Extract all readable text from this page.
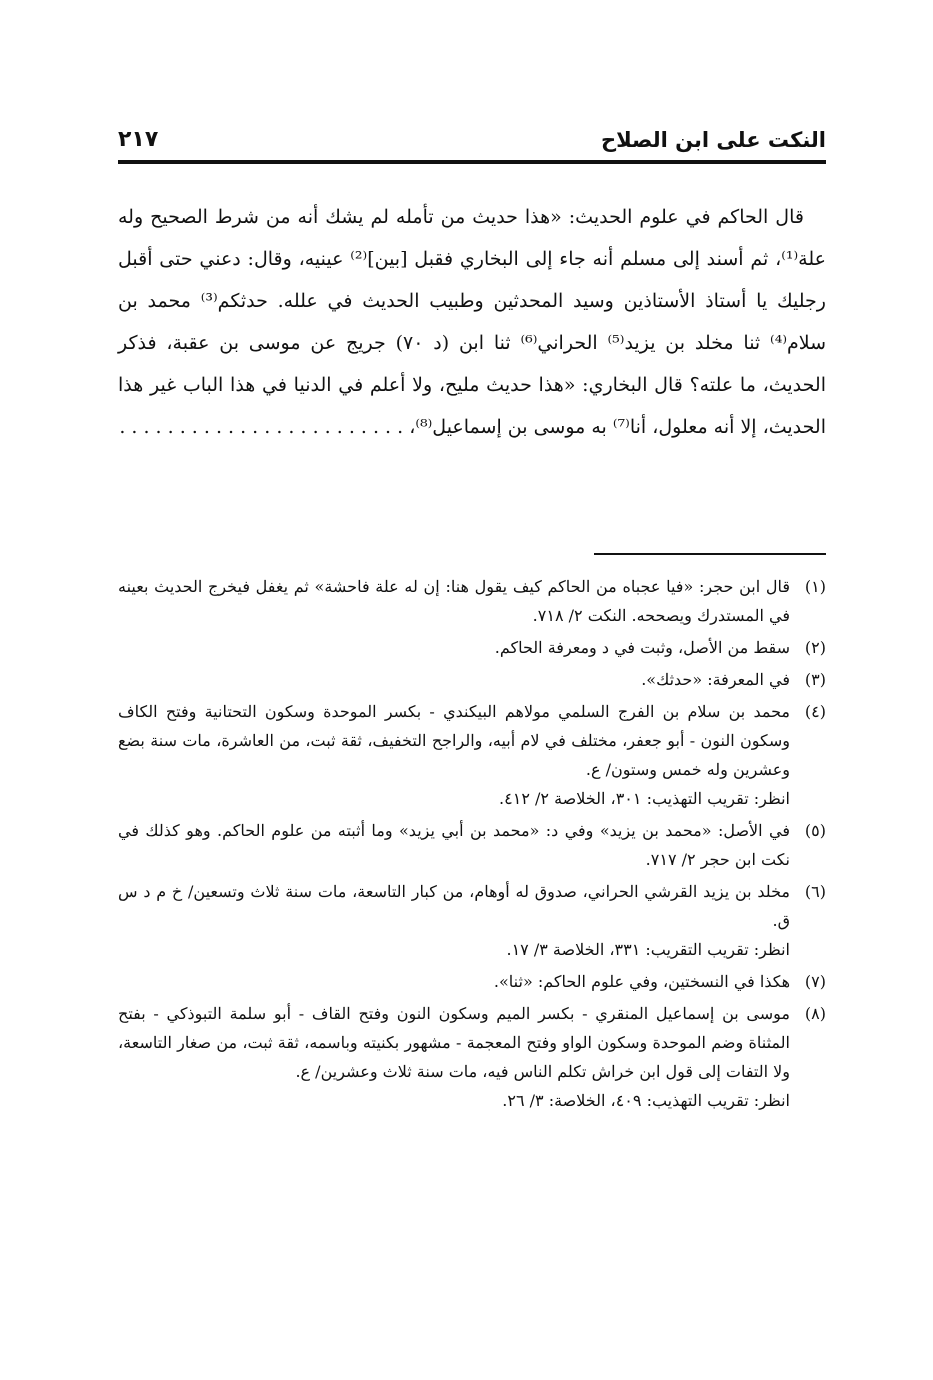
النكت على ابن الصلاح
٢١٧

قال الحاكم في علوم الحديث: «هذا حديث من تأمله لم يشك أنه من شرط الصحيح وله علة⁽¹⁾، ثم أسند إلى مسلم أنه جاء إلى البخاري فقبل [بين]⁽²⁾ عينيه، وقال: دعني حتى أقبل رجليك يا أستاذ الأستاذين وسيد المحدثين وطبيب الحديث في علله. حدثكم⁽³⁾ محمد بن سلام⁽⁴⁾ ثنا مخلد بن يزيد⁽⁵⁾ الحراني⁽⁶⁾ ثنا ابن (د ٧٠) جريج عن موسى بن عقبة، فذكر الحديث، ما علته؟ قال البخاري: «هذا حديث مليح، ولا أعلم في الدنيا في هذا الباب غير هذا الحديث، إلا أنه معلول، أنا⁽⁷⁾ به موسى بن إسماعيل⁽⁸⁾، . . . . . . . . . . . . . . . . . . . . . . . .

(١)
قال ابن حجر: «فيا عجباه من الحاكم كيف يقول هنا: إن له علة فاحشة» ثم يغفل فيخرج الحديث بعينه في المستدرك ويصححه. النكت ٢/ ٧١٨.
(٢)
سقط من الأصل، وثبت في د ومعرفة الحاكم.
(٣)
في المعرفة: «حدثك».
(٤)
محمد بن سلام بن الفرج السلمي مولاهم البيكندي - بكسر الموحدة وسكون التحتانية وفتح الكاف وسكون النون - أبو جعفر، مختلف في لام أبيه، والراجح التخفيف، ثقة ثبت، من العاشرة، مات سنة بضع وعشرين وله خمس وستون/ ع.
انظر: تقريب التهذيب: ٣٠١، الخلاصة ٢/ ٤١٢.
(٥)
في الأصل: «محمد بن يزيد» وفي د: «محمد بن أبي يزيد» وما أثبته من علوم الحاكم. وهو كذلك في نكت ابن حجر ٢/ ٧١٧.
(٦)
مخلد بن يزيد القرشي الحراني، صدوق له أوهام، من كبار التاسعة، مات سنة ثلاث وتسعين/ خ م د س ق.
انظر: تقريب التقريب: ٣٣١، الخلاصة ٣/ ١٧.
(٧)
هكذا في النسختين، وفي علوم الحاكم: «ثنا».
(٨)
موسى بن إسماعيل المنقري - بكسر الميم وسكون النون وفتح القاف - أبو سلمة التبوذكي - بفتح المثناة وضم الموحدة وسكون الواو وفتح المعجمة - مشهور بكنيته وباسمه، ثقة ثبت، من صغار التاسعة، ولا التفات إلى قول ابن خراش تكلم الناس فيه، مات سنة ثلاث وعشرين/ ع.
انظر: تقريب التهذيب: ٤٠٩، الخلاصة: ٣/ ٢٦.
